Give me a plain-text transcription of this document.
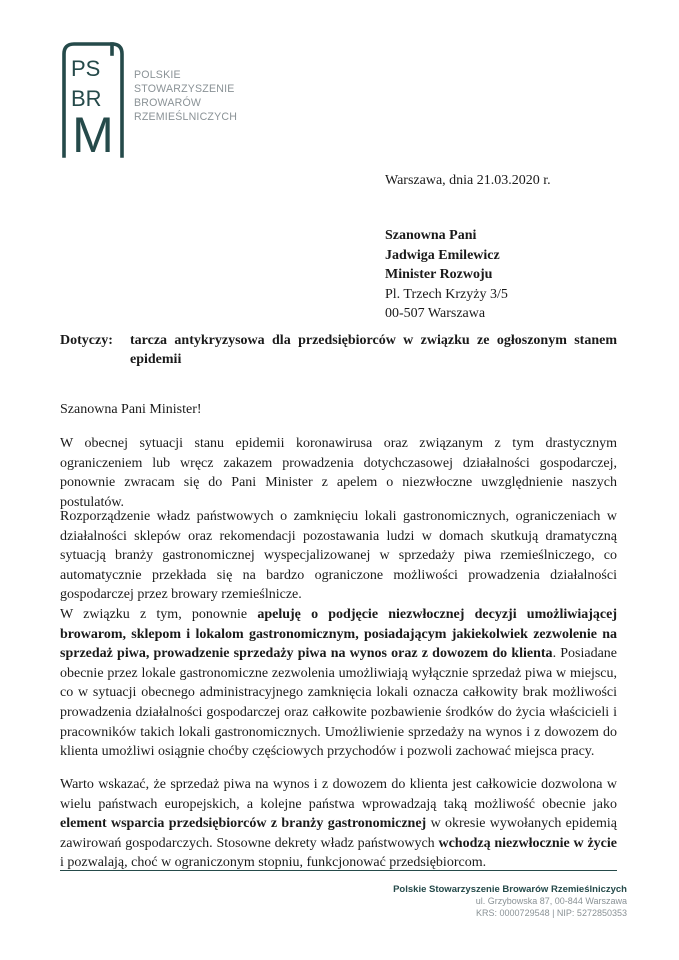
PS
BR
M
POLSKIE
STOWARZYSZENIE
BROWARÓW
RZEMIEŚLNICZYCH
Warszawa, dnia 21.03.2020 r.
Szanowna Pani
Jadwiga Emilewicz
Minister Rozwoju
Pl. Trzech Krzyży 3/5
00-507 Warszawa
Dotyczy:	tarcza antykryzysowa dla przedsiębiorców w związku ze ogłoszonym stanem epidemii
Szanowna Pani Minister!

W obecnej sytuacji stanu epidemii koronawirusa oraz związanym z tym drastycznym ograniczeniem lub wręcz zakazem prowadzenia dotychczasowej działalności gospodarczej, ponownie zwracam się do Pani Minister z apelem o niezwłoczne uwzględnienie naszych postulatów.

Rozporządzenie władz państwowych o zamknięciu lokali gastronomicznych, ograniczeniach w działalności sklepów oraz rekomendacji pozostawania ludzi w domach skutkują dramatyczną sytuacją branży gastronomicznej wyspecjalizowanej w sprzedaży piwa rzemieślniczego, co automatycznie przekłada się na bardzo ograniczone możliwości prowadzenia działalności gospodarczej przez browary rzemieślnicze.

W związku z tym, ponownie apeluję o podjęcie niezwłocznej decyzji umożliwiającej browarom, sklepom i lokalom gastronomicznym, posiadającym jakiekolwiek zezwolenie na sprzedaż piwa, prowadzenie sprzedaży piwa na wynos oraz z dowozem do klienta. Posiadane obecnie przez lokale gastronomiczne zezwolenia umożliwiają wyłącznie sprzedaż piwa w miejscu, co w sytuacji obecnego administracyjnego zamknięcia lokali oznacza całkowity brak możliwości prowadzenia działalności gospodarczej oraz całkowite pozbawienie środków do życia właścicieli i pracowników takich lokali gastronomicznych. Umożliwienie sprzedaży na wynos i z dowozem do klienta umożliwi osiągnie choćby częściowych przychodów i pozwoli zachować miejsca pracy.

Warto wskazać, że sprzedaż piwa na wynos i z dowozem do klienta jest całkowicie dozwolona w wielu państwach europejskich, a kolejne państwa wprowadzają taką możliwość obecnie jako element wsparcia przedsiębiorców z branży gastronomicznej w okresie wywołanych epidemią zawirowań gospodarczych. Stosowne dekrety władz państwowych wchodzą niezwłocznie w życie i pozwalają, choć w ograniczonym stopniu, funkcjonować przedsiębiorcom.

Polskie Stowarzyszenie Browarów Rzemieślniczych
ul. Grzybowska 87, 00-844 Warszawa
KRS: 0000729548 | NIP: 5272850353
